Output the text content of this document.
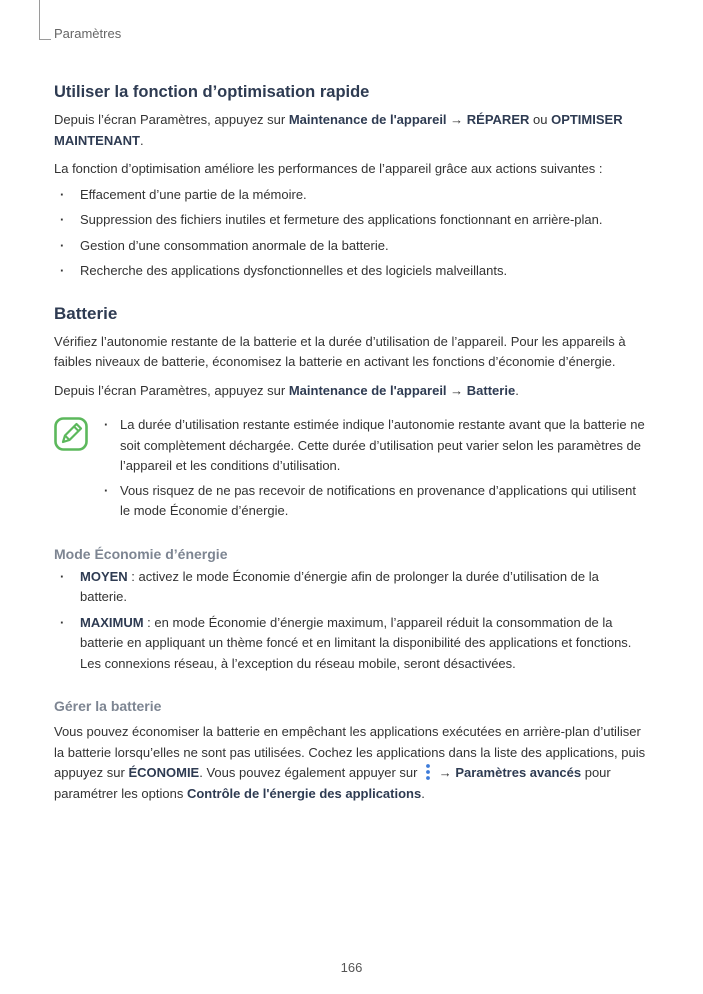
Paramètres
Utiliser la fonction d’optimisation rapide

Depuis l’écran Paramètres, appuyez sur Maintenance de l'appareil → RÉPARER ou OPTIMISER MAINTENANT.

La fonction d’optimisation améliore les performances de l’appareil grâce aux actions suivantes :

· Effacement d’une partie de la mémoire.
· Suppression des fichiers inutiles et fermeture des applications fonctionnant en arrière-plan.
· Gestion d’une consommation anormale de la batterie.
· Recherche des applications dysfonctionnelles et des logiciels malveillants.
Batterie

Vérifiez l’autonomie restante de la batterie et la durée d’utilisation de l’appareil. Pour les appareils à faibles niveaux de batterie, économisez la batterie en activant les fonctions d’économie d’énergie.

Depuis l’écran Paramètres, appuyez sur Maintenance de l'appareil → Batterie.

· La durée d’utilisation restante estimée indique l’autonomie restante avant que la batterie ne soit complètement déchargée. Cette durée d’utilisation peut varier selon les paramètres de l’appareil et les conditions d’utilisation.
· Vous risquez de ne pas recevoir de notifications en provenance d’applications qui utilisent le mode Économie d’énergie.
Mode Économie d’énergie
· MOYEN : activez le mode Économie d’énergie afin de prolonger la durée d’utilisation de la batterie.
· MAXIMUM : en mode Économie d’énergie maximum, l’appareil réduit la consommation de la batterie en appliquant un thème foncé et en limitant la disponibilité des applications et fonctions. Les connexions réseau, à l’exception du réseau mobile, seront désactivées.
Gérer la batterie

Vous pouvez économiser la batterie en empêchant les applications exécutées en arrière-plan d’utiliser la batterie lorsqu’elles ne sont pas utilisées. Cochez les applications dans la liste des applications, puis appuyez sur ÉCONOMIE. Vous pouvez également appuyer sur  → Paramètres avancés pour paramétrer les options Contrôle de l'énergie des applications.

166
